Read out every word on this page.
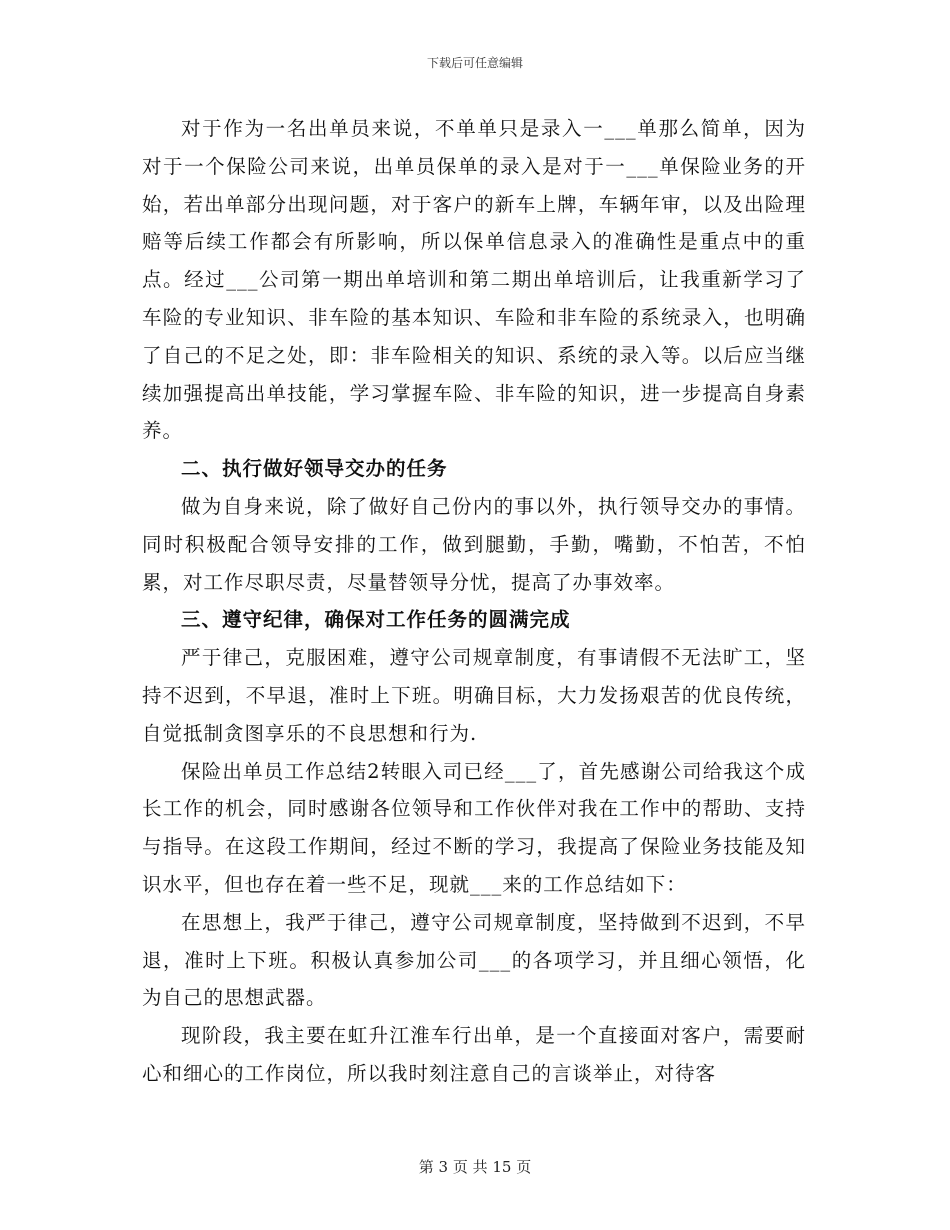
下载后可任意编辑

对于作为一名出单员来说，不单单只是录入一___单那么简单，因为对于一个保险公司来说，出单员保单的录入是对于一___单保险业务的开始，若出单部分出现问题，对于客户的新车上牌，车辆年审，以及出险理赔等后续工作都会有所影响，所以保单信息录入的准确性是重点中的重点。经过___公司第一期出单培训和第二期出单培训后，让我重新学习了车险的专业知识、非车险的基本知识、车险和非车险的系统录入，也明确了自己的不足之处，即：非车险相关的知识、系统的录入等。以后应当继续加强提高出单技能，学习掌握车险、非车险的知识，进一步提高自身素养。

二、执行做好领导交办的任务

做为自身来说，除了做好自己份内的事以外，执行领导交办的事情。同时积极配合领导安排的工作，做到腿勤，手勤，嘴勤，不怕苦，不怕累，对工作尽职尽责，尽量替领导分忧，提高了办事效率。

三、遵守纪律，确保对工作任务的圆满完成

严于律己，克服困难，遵守公司规章制度，有事请假不无法旷工，坚持不迟到，不早退，准时上下班。明确目标，大力发扬艰苦的优良传统，自觉抵制贪图享乐的不良思想和行为.

保险出单员工作总结2转眼入司已经___了，首先感谢公司给我这个成长工作的机会，同时感谢各位领导和工作伙伴对我在工作中的帮助、支持与指导。在这段工作期间，经过不断的学习，我提高了保险业务技能及知识水平，但也存在着一些不足，现就___来的工作总结如下：

在思想上，我严于律己，遵守公司规章制度，坚持做到不迟到，不早退，准时上下班。积极认真参加公司___的各项学习，并且细心领悟，化为自己的思想武器。

现阶段，我主要在虹升江淮车行出单，是一个直接面对客户，需要耐心和细心的工作岗位，所以我时刻注意自己的言谈举止，对待客

第 3 页 共 15 页
